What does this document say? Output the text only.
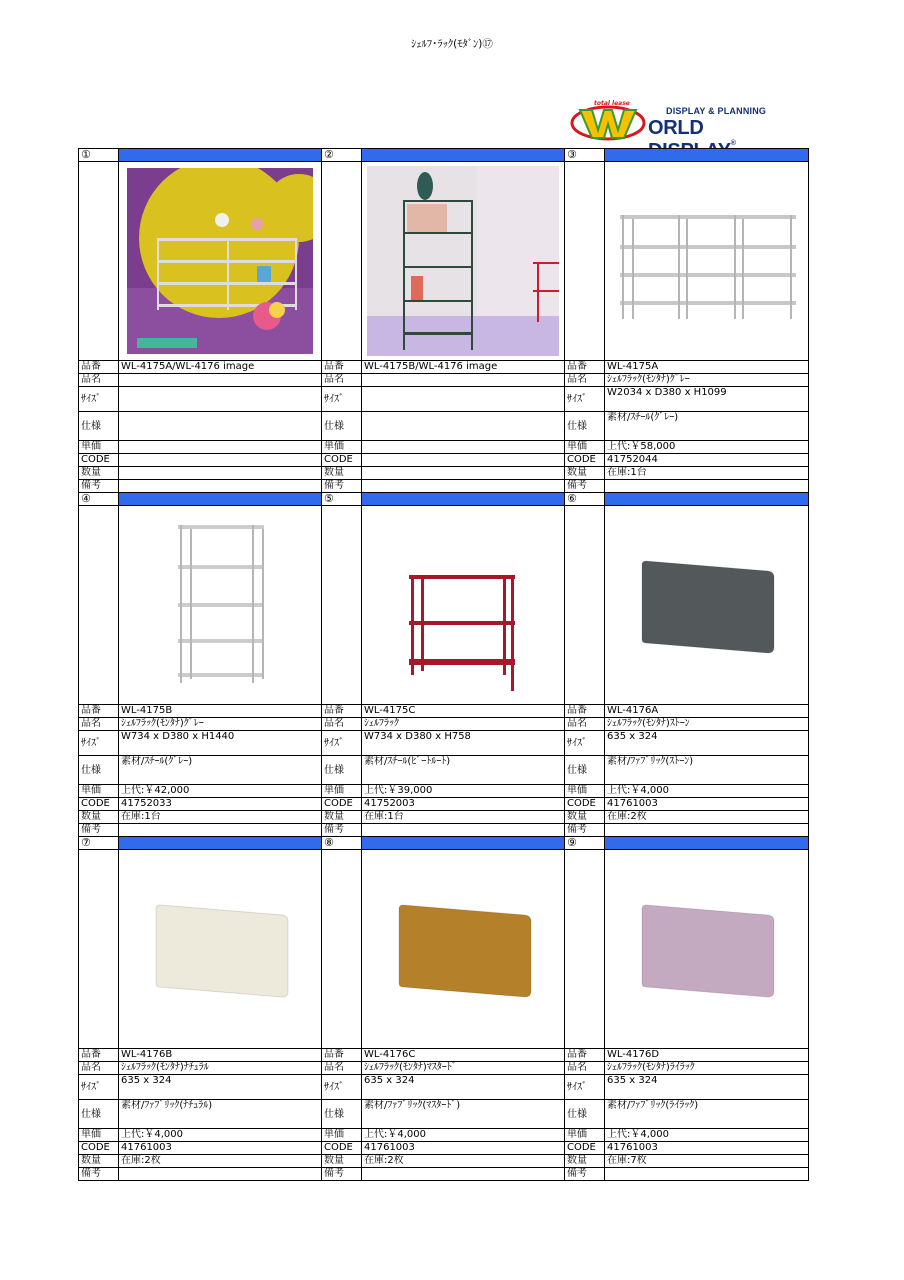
ｼｪﾙﾌ･ﾗｯｸ(ﾓﾀﾞﾝ)⑰
total lease
DISPLAY & PLANNING
ORLD ®
①		②		③	

品番	WL-4175A/WL-4176 image	品番	WL-4175B/WL-4176 image	品番	WL-4175A
品名		品名		品名	ｼｪﾙﾌﾗｯｸ(ﾓﾝﾀﾅ)ｸﾞﾚｰ
ｻｲｽﾞ		ｻｲｽﾞ		ｻｲｽﾞ	W2034 x D380 x H1099
仕様		仕様		仕様	素材/ｽﾁｰﾙ(ｸﾞﾚｰ)
単価		単価		単価	上代:￥58,000
CODE		CODE		CODE	41752044
数量		数量		数量	在庫:1台
備考		備考		備考	
④		⑤		⑥	

品番	WL-4175B	品番	WL-4175C	品番	WL-4176A
品名	ｼｪﾙﾌﾗｯｸ(ﾓﾝﾀﾅ)ｸﾞﾚｰ	品名	ｼｪﾙﾌﾗｯｸ	品名	ｼｪﾙﾌﾗｯｸ(ﾓﾝﾀﾅ)ｽﾄｰﾝ
ｻｲｽﾞ	W734 x D380 x H1440	ｻｲｽﾞ	W734 x D380 x H758	ｻｲｽﾞ	635 x 324
仕様	素材/ｽﾁｰﾙ(ｸﾞﾚｰ)	仕様	素材/ｽﾁｰﾙ(ﾋﾞｰﾄﾙｰﾄ)	仕様	素材/ﾌｧﾌﾞﾘｯｸ(ｽﾄｰﾝ)
単価	上代:￥42,000	単価	上代:￥39,000	単価	上代:￥4,000
CODE	41752033	CODE	41752003	CODE	41761003
数量	在庫:1台	数量	在庫:1台	数量	在庫:2枚
備考		備考		備考	
⑦		⑧		⑨	

品番	WL-4176B	品番	WL-4176C	品番	WL-4176D
品名	ｼｪﾙﾌﾗｯｸ(ﾓﾝﾀﾅ)ﾅﾁｭﾗﾙ	品名	ｼｪﾙﾌﾗｯｸ(ﾓﾝﾀﾅ)ﾏｽﾀｰﾄﾞ	品名	ｼｪﾙﾌﾗｯｸ(ﾓﾝﾀﾅ)ﾗｲﾗｯｸ
ｻｲｽﾞ	635 x 324	ｻｲｽﾞ	635 x 324	ｻｲｽﾞ	635 x 324
仕様	素材/ﾌｧﾌﾞﾘｯｸ(ﾅﾁｭﾗﾙ)	仕様	素材/ﾌｧﾌﾞﾘｯｸ(ﾏｽﾀｰﾄﾞ)	仕様	素材/ﾌｧﾌﾞﾘｯｸ(ﾗｲﾗｯｸ)
単価	上代:￥4,000	単価	上代:￥4,000	単価	上代:￥4,000
CODE	41761003	CODE	41761003	CODE	41761003
数量	在庫:2枚	数量	在庫:2枚	数量	在庫:7枚
備考		備考		備考	
